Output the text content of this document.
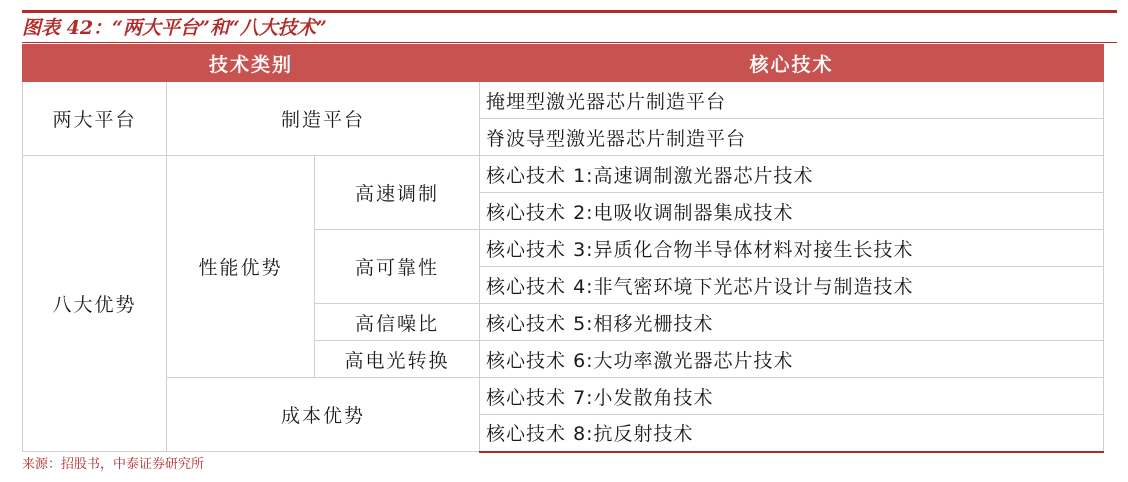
图表 42：“两大平台”和“八大技术”
技术类别			核心技术
两大平台	制造平台		掩埋型激光器芯片制造平台
			脊波导型激光器芯片制造平台
八大优势	性能优势	高速调制	核心技术 1:高速调制激光器芯片技术
			核心技术 2:电吸收调制器集成技术
		高可靠性	核心技术 3:异质化合物半导体材料对接生长技术
			核心技术 4:非气密环境下光芯片设计与制造技术
		高信噪比	核心技术 5:相移光栅技术
		高电光转换	核心技术 6:大功率激光器芯片技术
	成本优势		核心技术 7:小发散角技术
			核心技术 8:抗反射技术
来源：招股书，中泰证券研究所
